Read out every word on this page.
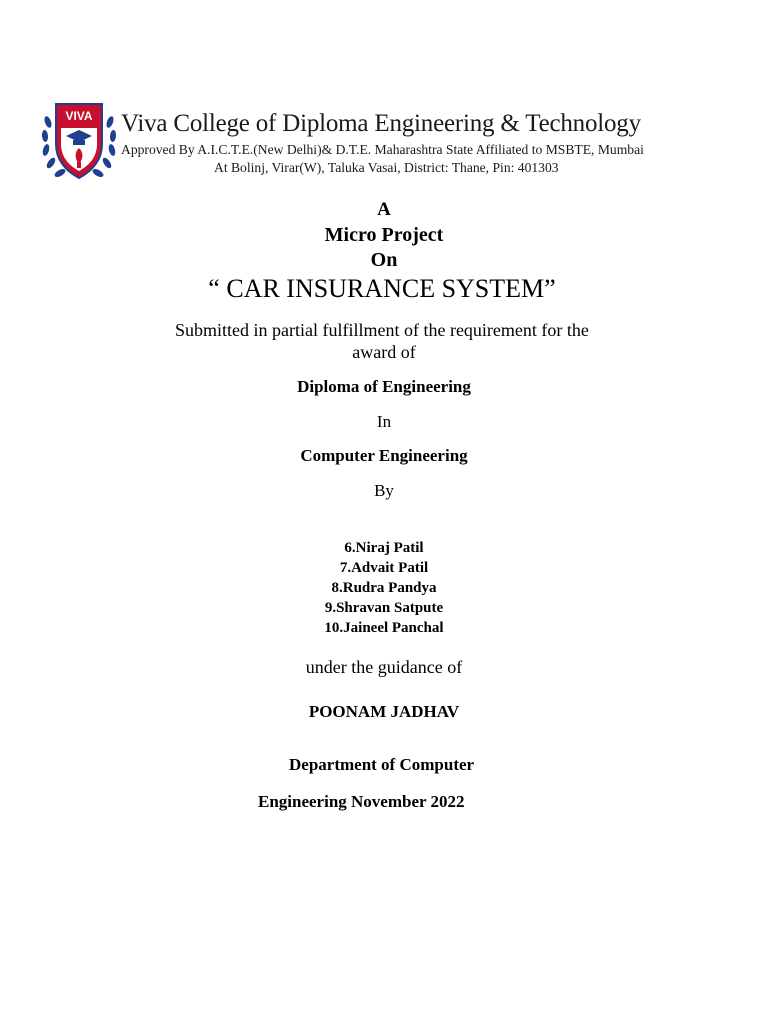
VIVA Viva College of Diploma Engineering & Technology
Approved By A.I.C.T.E.(New Delhi)& D.T.E. Maharashtra State Affiliated to MSBTE, Mumbai
At Bolinj, Virar(W), Taluka Vasai, District: Thane, Pin: 401303
A
Micro Project
On
“ CAR INSURANCE SYSTEM”
Submitted in partial fulfillment of the requirement for the
award of
Diploma of Engineering
In
Computer Engineering
By
6.Niraj Patil
7.Advait Patil
8.Rudra Pandya
9.Shravan Satpute
10.Jaineel Panchal
under the guidance of
POONAM JADHAV
Department of Computer
Engineering November 2022
